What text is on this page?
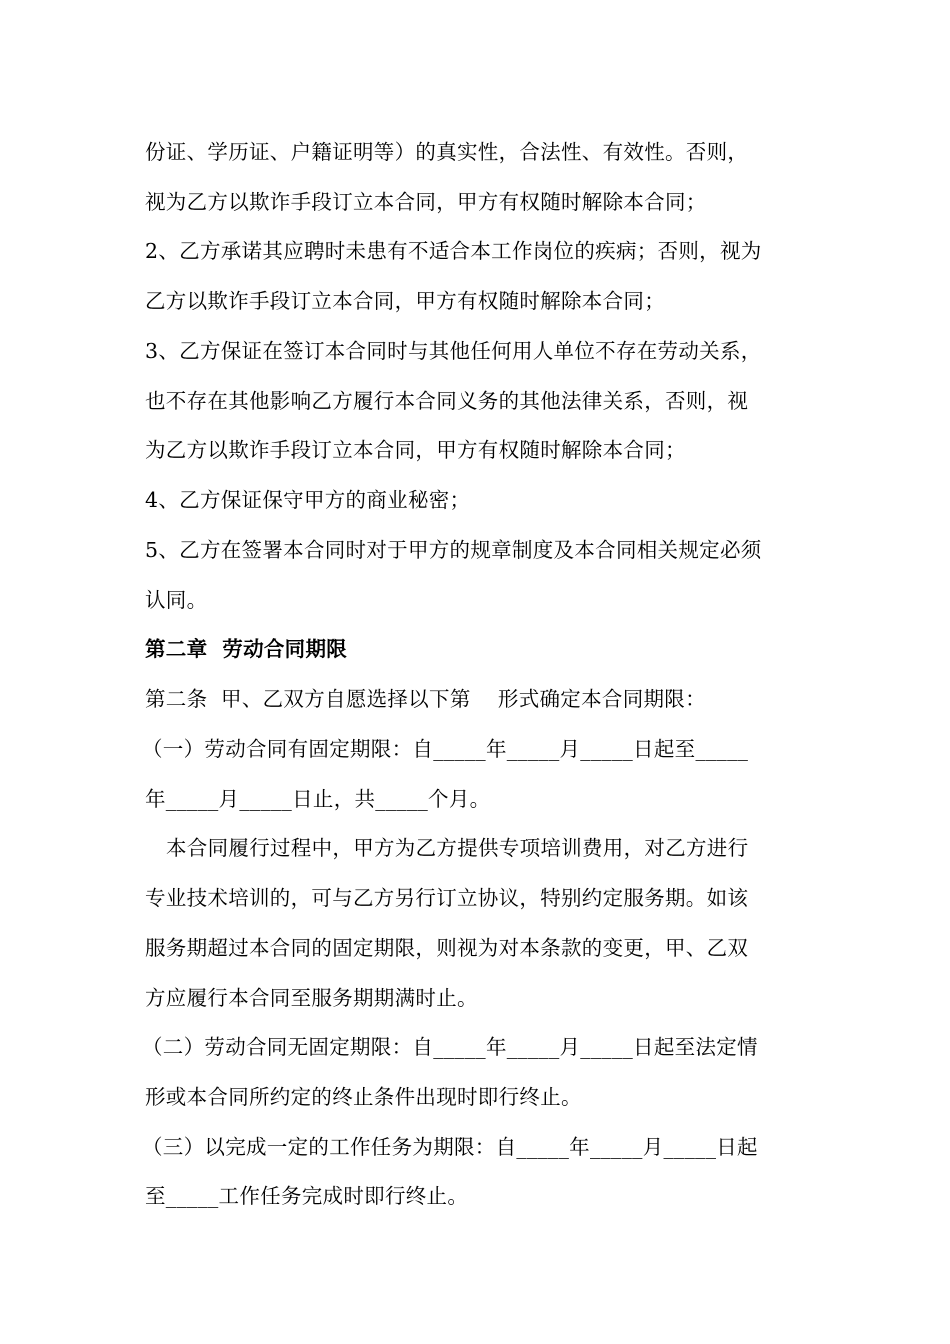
份证、学历证、户籍证明等）的真实性，合法性、有效性。否则，
视为乙方以欺诈手段订立本合同，甲方有权随时解除本合同；
2、乙方承诺其应聘时未患有不适合本工作岗位的疾病；否则，视为
乙方以欺诈手段订立本合同，甲方有权随时解除本合同；
3、乙方保证在签订本合同时与其他任何用人单位不存在劳动关系，
也不存在其他影响乙方履行本合同义务的其他法律关系，否则，视
为乙方以欺诈手段订立本合同，甲方有权随时解除本合同；
4、乙方保证保守甲方的商业秘密；
5、乙方在签署本合同时对于甲方的规章制度及本合同相关规定必须
认同。
第二章  劳动合同期限
第二条  甲、乙双方自愿选择以下第    形式确定本合同期限：
（一）劳动合同有固定期限：自_____年_____月_____日起至_____
年_____月_____日止，共_____个月。
本合同履行过程中，甲方为乙方提供专项培训费用，对乙方进行
专业技术培训的，可与乙方另行订立协议，特别约定服务期。如该
服务期超过本合同的固定期限，则视为对本条款的变更，甲、乙双
方应履行本合同至服务期期满时止。
（二）劳动合同无固定期限：自_____年_____月_____日起至法定情
形或本合同所约定的终止条件出现时即行终止。
（三）以完成一定的工作任务为期限：自_____年_____月_____日起
至_____工作任务完成时即行终止。
